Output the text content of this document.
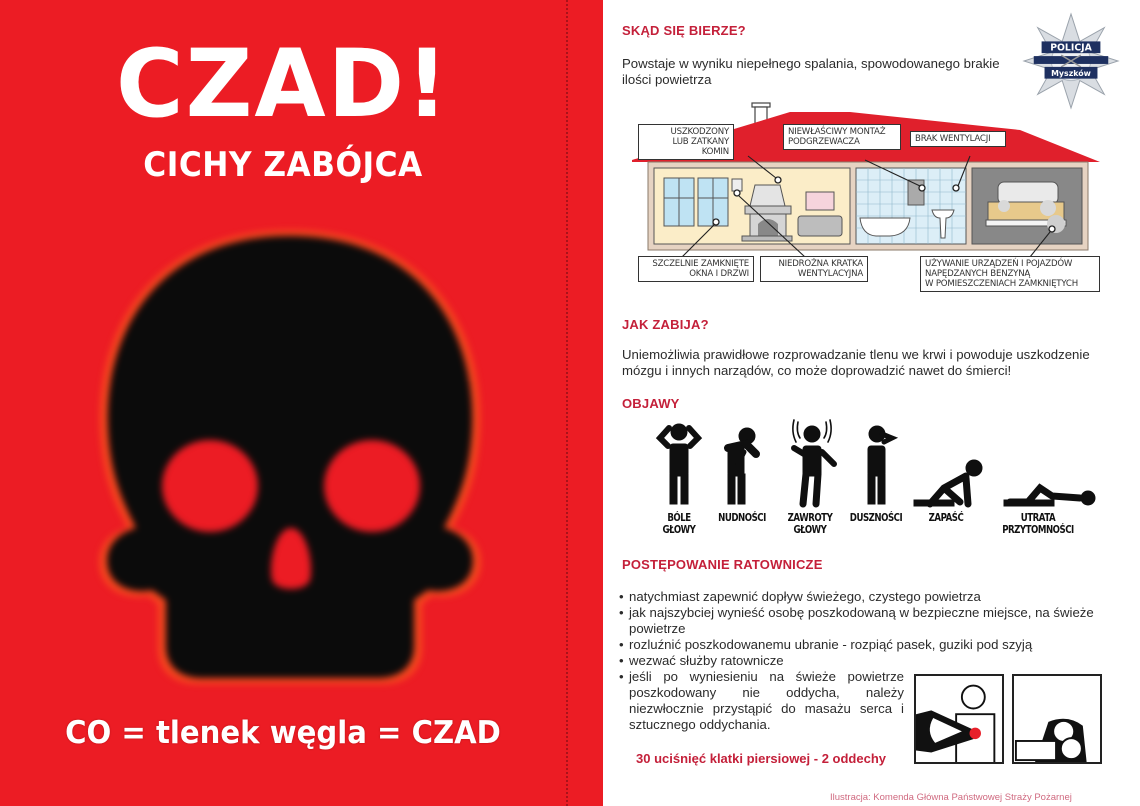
CZAD!
CICHY ZABÓJCA
CO = tlenek węgla = CZAD
SKĄD SIĘ BIERZE?
Powstaje w wyniku niepełnego spalania, spowodowanego brakie
ilości powietrza
JAK ZABIJA?
Uniemożliwia prawidłowe rozprowadzanie tlenu we krwi i powoduje uszkodzenie
mózgu i innych narządów, co może doprowadzić nawet do śmierci!
OBJAWY
POSTĘPOWANIE RATOWNICZE
POLICJA
Myszków
USZKODZONY
LUB ZATKANY KOMIN
NIEWŁAŚCIWY MONTAŻ
PODGRZEWACZA	BRAK WENTYLACJI
SZCZELNIE ZAMKNIĘTE
OKNA I DRZWI
NIEDROŻNA KRATKA
WENTYLACYJNA
UŻYWANIE URZĄDZEŃ I POJAZDÓW
NAPĘDZANYCH BENZYNĄ
W POMIESZCZENIACH ZAMKNIĘTYCH
BÓLE
GŁOWY
NUDNOŚCI	ZAWROTY
GŁOWY
DUSZNOŚCI	ZAPAŚĆ	UTRATA
PRZYTOMNOŚCI
• natychmiast zapewnić dopływ świeżego, czystego powietrza
• jak najszybciej wynieść osobę poszkodowaną w bezpieczne miejsce, na świeże powietrze
• rozluźnić poszkodowanemu ubranie - rozpiąć pasek, guziki pod szyją
• wezwać służby ratownicze
• jeśli po wyniesieniu na świeże powietrze poszkodowany nie oddycha, należy niezwłocznie przystąpić do masażu serca i sztucznego oddychania.
30 uciśnięć klatki piersiowej - 2 oddechy
Ilustracja: Komenda Główna Państwowej Straży Pożarnej
